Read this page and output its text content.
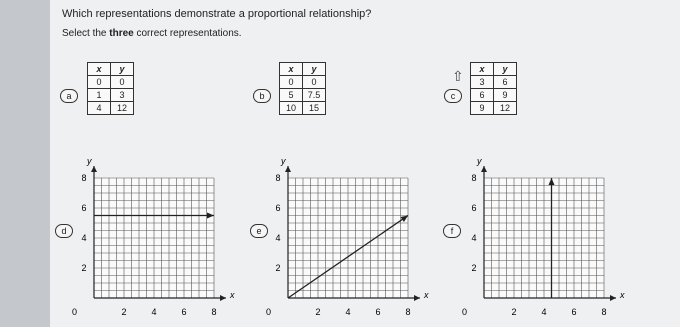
Which representations demonstrate a proportional relationship?
Select the three correct representations.
⇧
a	b	c
d	e	f
x	y
0	0
1	3
4	12
x	y
0	0
5	7.5
10	15
x	y
3	6
6	9
9	12
x
y
0	2	4	6	8
2
4
6
8
x
y
0	2	4	6	8
2
4
6
8
x
y
0	2	4	6	8
2
4
6
8
